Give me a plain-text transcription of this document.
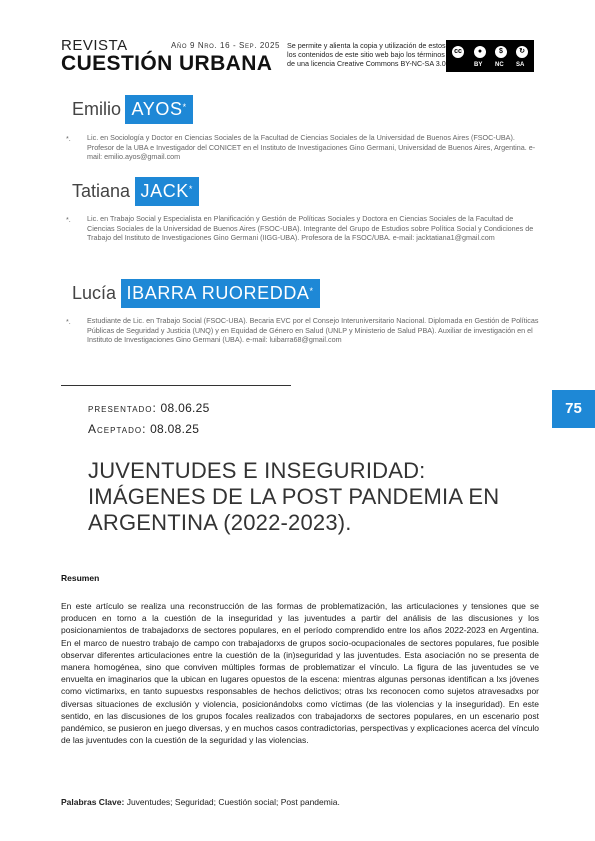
REVISTA
CUESTIÓN URBANA
Año 9 Nro. 16 - Sep. 2025 Se permite y alienta la copia y utilización de estos los contenidos de este sitio web bajo los términos de una licencia Creative Commons BY-NC-SA 3.0
cc	●	$	↻
BY NC SA
Emilio AYOS*
*. Lic. en Sociología y Doctor en Ciencias Sociales de la Facultad de Ciencias Sociales de la Universidad de Buenos Aires (FSOC-UBA). Profesor de la UBA e Investigador del CONICET en el Instituto de Investigaciones Gino Germani, Universidad de Buenos Aires, Argentina. e-mail: emilio.ayos@gmail.com
Tatiana JACK*
*. Lic. en Trabajo Social y Especialista en Planificación y Gestión de Políticas Sociales y Doctora en Ciencias Sociales de la Facultad de Ciencias Sociales de la Universidad de Buenos Aires (FSOC-UBA). Integrante del Grupo de Estudios sobre Política Social y Condiciones de Trabajo del Instituto de Investigaciones Gino Germani (IIGG-UBA). Profesora de la FSOC/UBA. e-mail: jacktatiana1@gmail.com
Lucía IBARRA RUOREDDA*
*. Estudiante de Lic. en Trabajo Social (FSOC-UBA). Becaria EVC por el Consejo Interuniversitario Nacional. Diplomada en Gestión de Políticas Públicas de Seguridad y Justicia (UNQ) y en Equidad de Género en Salud (UNLP y Ministerio de Salud PBA). Auxiliar de investigación en el Instituto de Investigaciones Gino Germani (UBA). e-mail: luibarra68@gmail.com
75
presentado: 08.06.25
Aceptado: 08.08.25
JUVENTUDES E INSEGURIDAD: IMÁGENES DE LA POST PANDEMIA EN ARGENTINA (2022-2023).
Resumen
En este artículo se realiza una reconstrucción de las formas de problematización, las articulaciones y tensiones que se producen en torno a la cuestión de la inseguridad y las juventudes a partir del análisis de las discusiones y los posicionamientos de trabajadorxs de sectores populares, en el período comprendido entre los años 2022-2023 en Argentina. En el marco de nuestro trabajo de campo con trabajadorxs de grupos socio-ocupacionales de sectores populares, fue posible observar diferentes articulaciones entre la cuestión de la (in)seguridad y las juventudes. Esta asociación no se presenta de manera homogénea, sino que conviven múltiples formas de problematizar el vínculo. La figura de las juventudes se ve envuelta en imaginarios que la ubican en lugares opuestos de la escena: mientras algunas personas identifican a lxs jóvenes como victimarixs, en tanto supuestxs responsables de hechos delictivos; otras lxs reconocen como sujetos atravesadxs por diversas situaciones de exclusión y violencia, posicionándolxs como víctimas (de las violencias y la inseguridad). En este sentido, en las discusiones de los grupos focales realizados con trabajadorxs de sectores populares, en un escenario post pandémico, se pusieron en juego diversas, y en muchos casos contradictorias, perspectivas y explicaciones acerca del vínculo de las juventudes con la cuestión de la seguridad y las violencias.
Palabras Clave: Juventudes; Seguridad; Cuestión social; Post pandemia.
